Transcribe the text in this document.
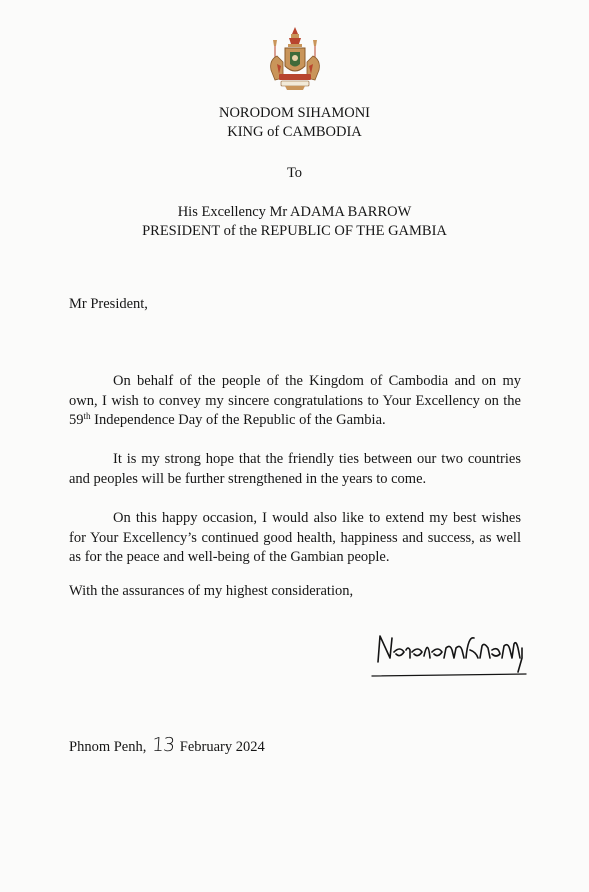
NORODOM SIHAMONI
KING of CAMBODIA
To
His Excellency Mr ADAMA BARROW
PRESIDENT of the REPUBLIC OF THE GAMBIA
Mr President,
On behalf of the people of the Kingdom of Cambodia and on my own, I wish to convey my sincere congratulations to Your Excellency on the 59th Independence Day of the Republic of the Gambia.
It is my strong hope that the friendly ties between our two countries and peoples will be further strengthened in the years to come.
On this happy occasion, I would also like to extend my best wishes for Your Excellency’s continued good health, happiness and success, as well as for the peace and well-being of the Gambian people.
With the assurances of my highest consideration,
Phnom Penh, 13 February 2024
